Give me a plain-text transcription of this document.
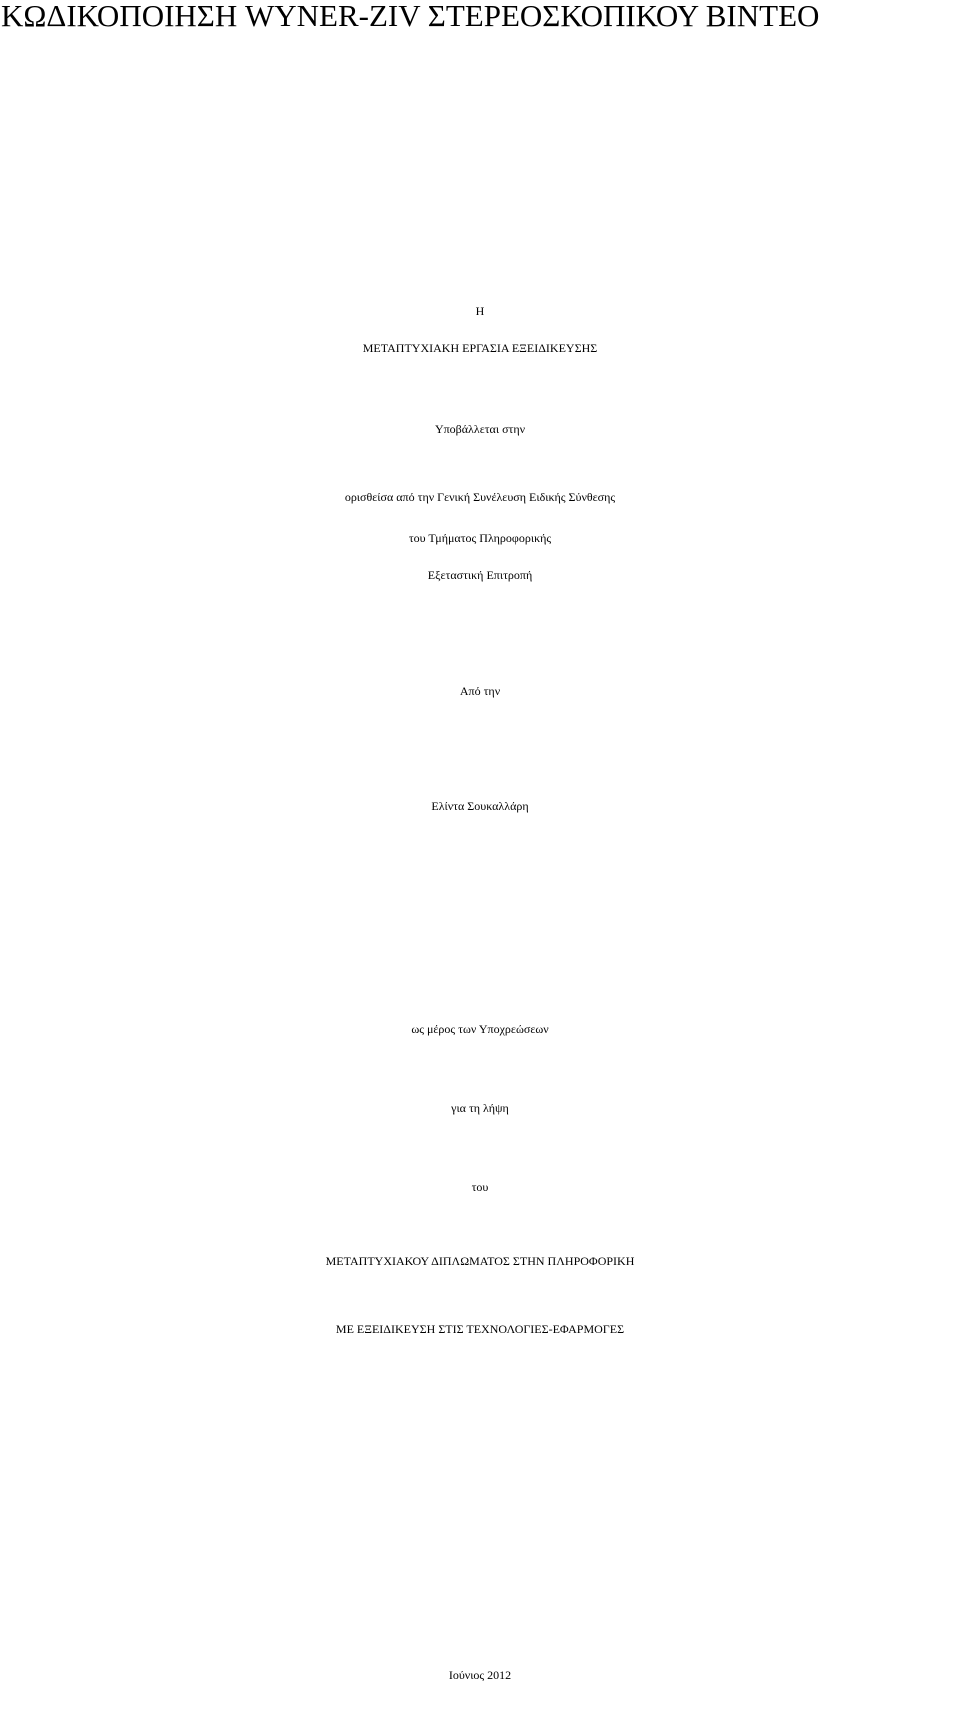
ΚΩΔΙΚΟΠΟΙΗΣΗ WYNER-ZIV ΣΤΕΡΕΟΣΚΟΠΙΚΟΥ ΒΙΝΤΕΟ

Η

ΜΕΤΑΠΤΥΧΙΑΚΗ ΕΡΓΑΣΙΑ ΕΞΕΙΔΙΚΕΥΣΗΣ

Υποβάλλεται στην

ορισθείσα από την Γενική Συνέλευση Ειδικής Σύνθεσης

του Τμήματος Πληροφορικής

Εξεταστική Επιτροπή

Από την

Ελίντα Σουκαλλάρη

ως μέρος των Υποχρεώσεων

για τη λήψη

του

ΜΕΤΑΠΤΥΧΙΑΚΟΥ ΔΙΠΛΩΜΑΤΟΣ ΣΤΗΝ ΠΛΗΡΟΦΟΡΙΚΗ

ΜΕ ΕΞΕΙΔΙΚΕΥΣΗ ΣΤΙΣ ΤΕΧΝΟΛΟΓΙΕΣ-ΕΦΑΡΜΟΓΕΣ

Ιούνιος 2012
